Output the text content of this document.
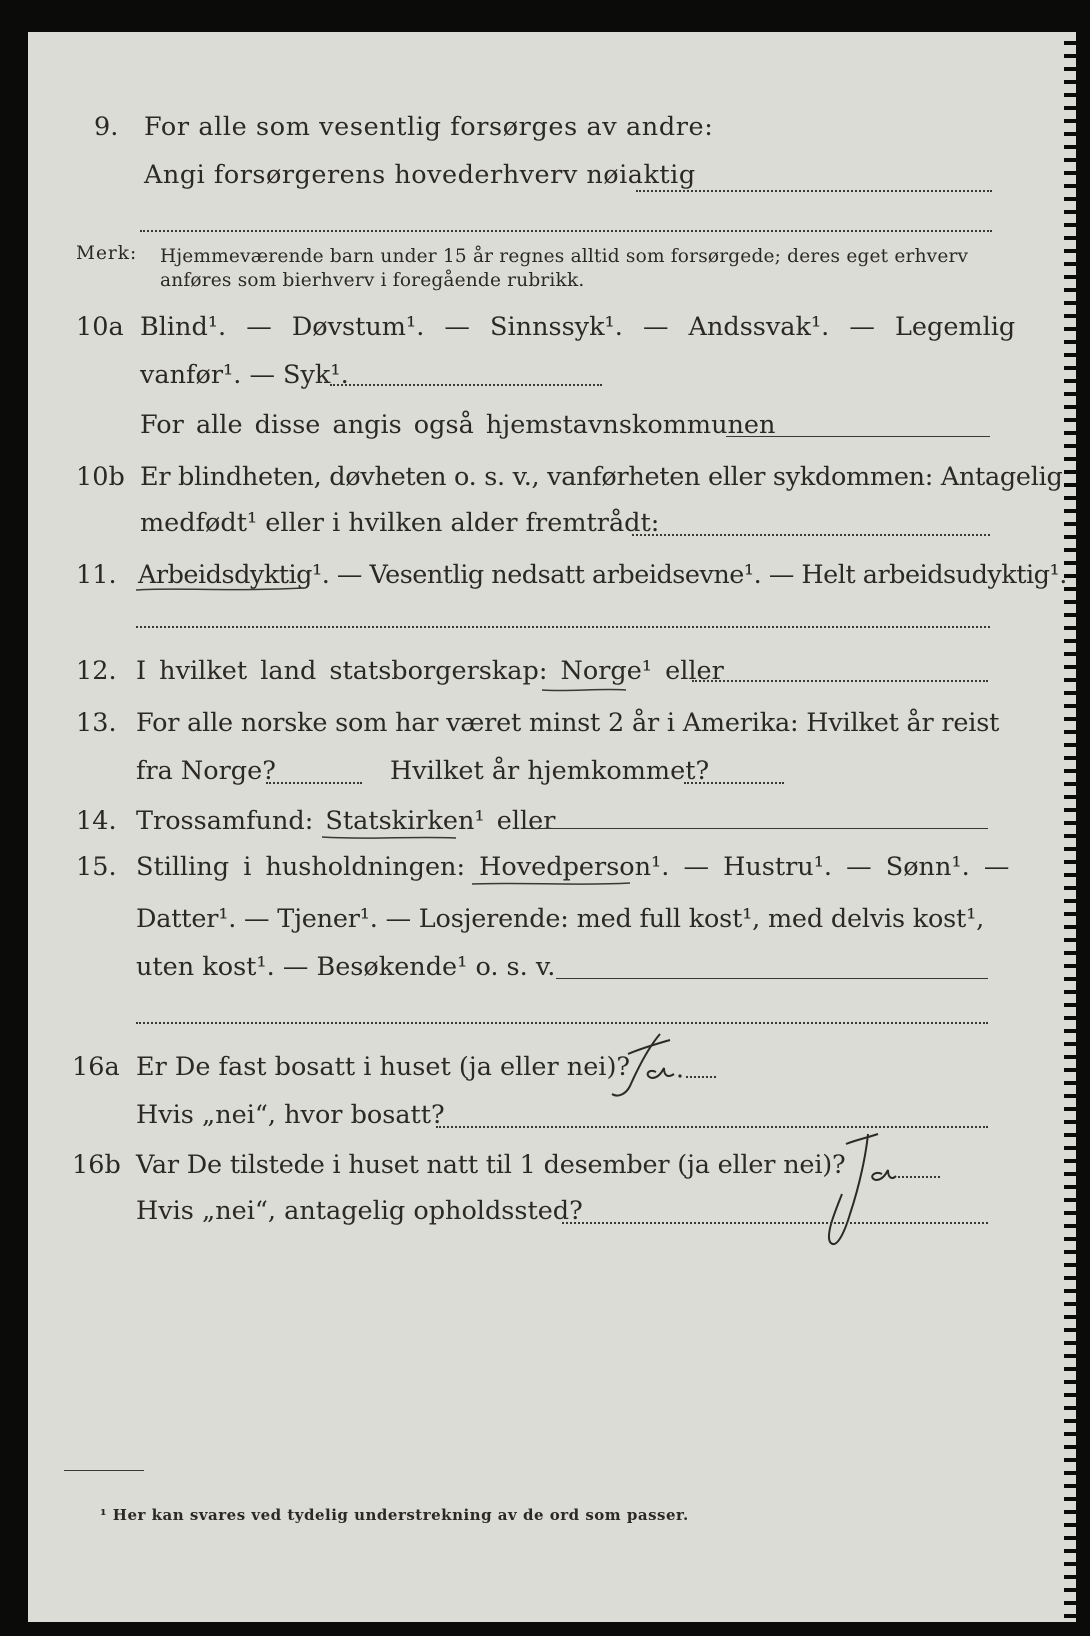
9. For alle som vesentlig forsørges av andre:
Angi forsørgerens hovederhverv nøiaktig
Merk: Hjemmeværende barn under 15 år regnes alltid som forsørgede; deres eget erhverv
anføres som bierhverv i foregående rubrikk.
10a Blind¹. — Døvstum¹. — Sinnssyk¹. — Andssvak¹. — Legemlig
vanfør¹. — Syk¹.
For alle disse angis også hjemstavnskommunen
10b Er blindheten, døvheten o. s. v., vanførheten eller sykdommen: Antagelig
medfødt¹ eller i hvilken alder fremtrådt:
11. Arbeidsdyktig¹. — Vesentlig nedsatt arbeidsevne¹. — Helt arbeidsudyktig¹.
12. I hvilket land statsborgerskap: Norge¹ eller
13. For alle norske som har været minst 2 år i Amerika: Hvilket år reist
fra Norge?	Hvilket år hjemkommet?
14. Trossamfund: Statskirken¹ eller
15. Stilling i husholdningen: Hovedperson¹. — Hustru¹. — Sønn¹. —
Datter¹. — Tjener¹. — Losjerende: med full kost¹, med delvis kost¹,
uten kost¹. — Besøkende¹ o. s. v.
16a Er De fast bosatt i huset (ja eller nei)?
Hvis „nei“, hvor bosatt?
16b Var De tilstede i huset natt til 1 desember (ja eller nei)?
Hvis „nei“, antagelig opholdssted?
¹ Her kan svares ved tydelig understrekning av de ord som passer.
